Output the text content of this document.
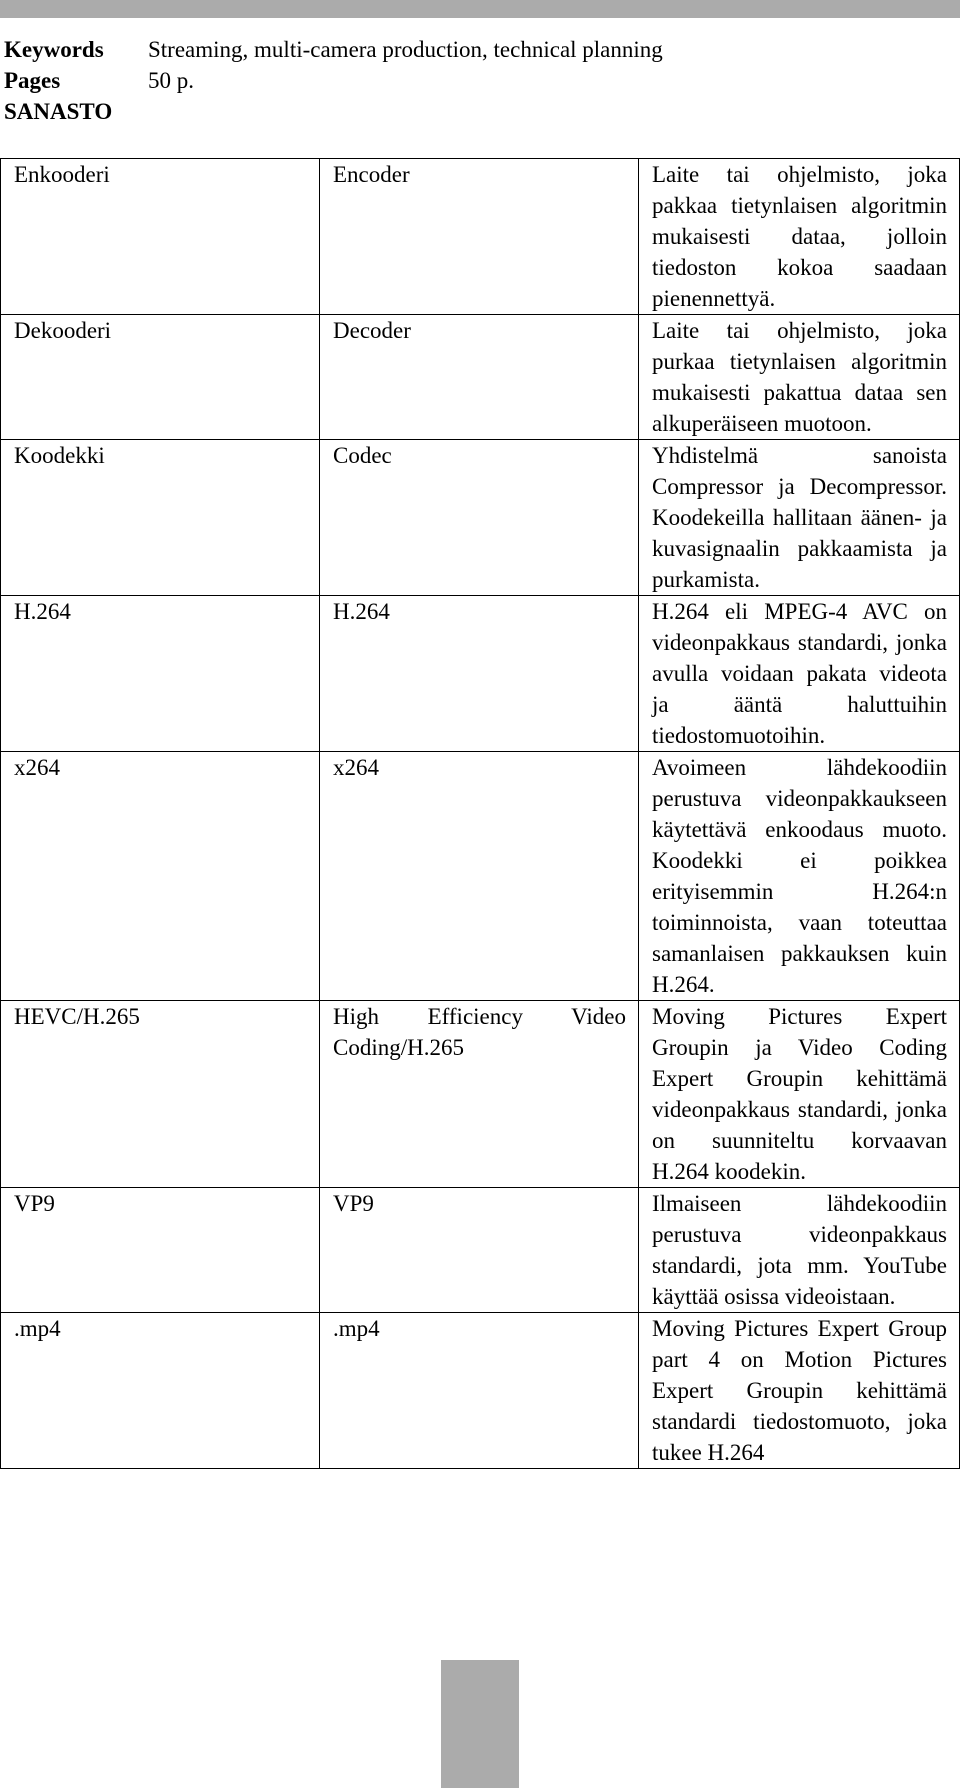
Keywords	Streaming, multi-camera production, technical planning
Pages	50 p.
SANASTO
Enkooderi	Encoder	Laite tai ohjelmisto, joka pakkaa tietynlaisen algoritmin mukaisesti dataa, jolloin tiedoston kokoa saadaan pienennettyä.
Dekooderi	Decoder	Laite tai ohjelmisto, joka purkaa tietynlaisen algoritmin mukaisesti pakattua dataa sen alkuperäiseen muotoon.
Koodekki	Codec	Yhdistelmä sanoista Compressor ja Decompressor. Koodekeilla hallitaan äänen- ja kuvasignaalin pakkaamista ja purkamista.
H.264	H.264	H.264 eli MPEG-4 AVC on videonpakkaus standardi, jonka avulla voidaan pakata videota ja ääntä haluttuihin tiedostomuotoihin.
x264	x264	Avoimeen lähdekoodiin perustuva videonpakkaukseen käytettävä enkoodaus muoto. Koodekki ei poikkea erityisemmin H.264:n toiminnoista, vaan toteuttaa samanlaisen pakkauksen kuin H.264.
HEVC/H.265	High Efficiency Video Coding/H.265	Moving Pictures Expert Groupin ja Video Coding Expert Groupin kehittämä videonpakkaus standardi, jonka on suunniteltu korvaavan H.264 koodekin.
VP9	VP9	Ilmaiseen lähdekoodiin perustuva videonpakkaus standardi, jota mm. YouTube käyttää osissa videoistaan.
.mp4	.mp4	Moving Pictures Expert Group part 4 on Motion Pictures Expert Groupin kehittämä standardi tiedostomuoto, joka tukee H.264
